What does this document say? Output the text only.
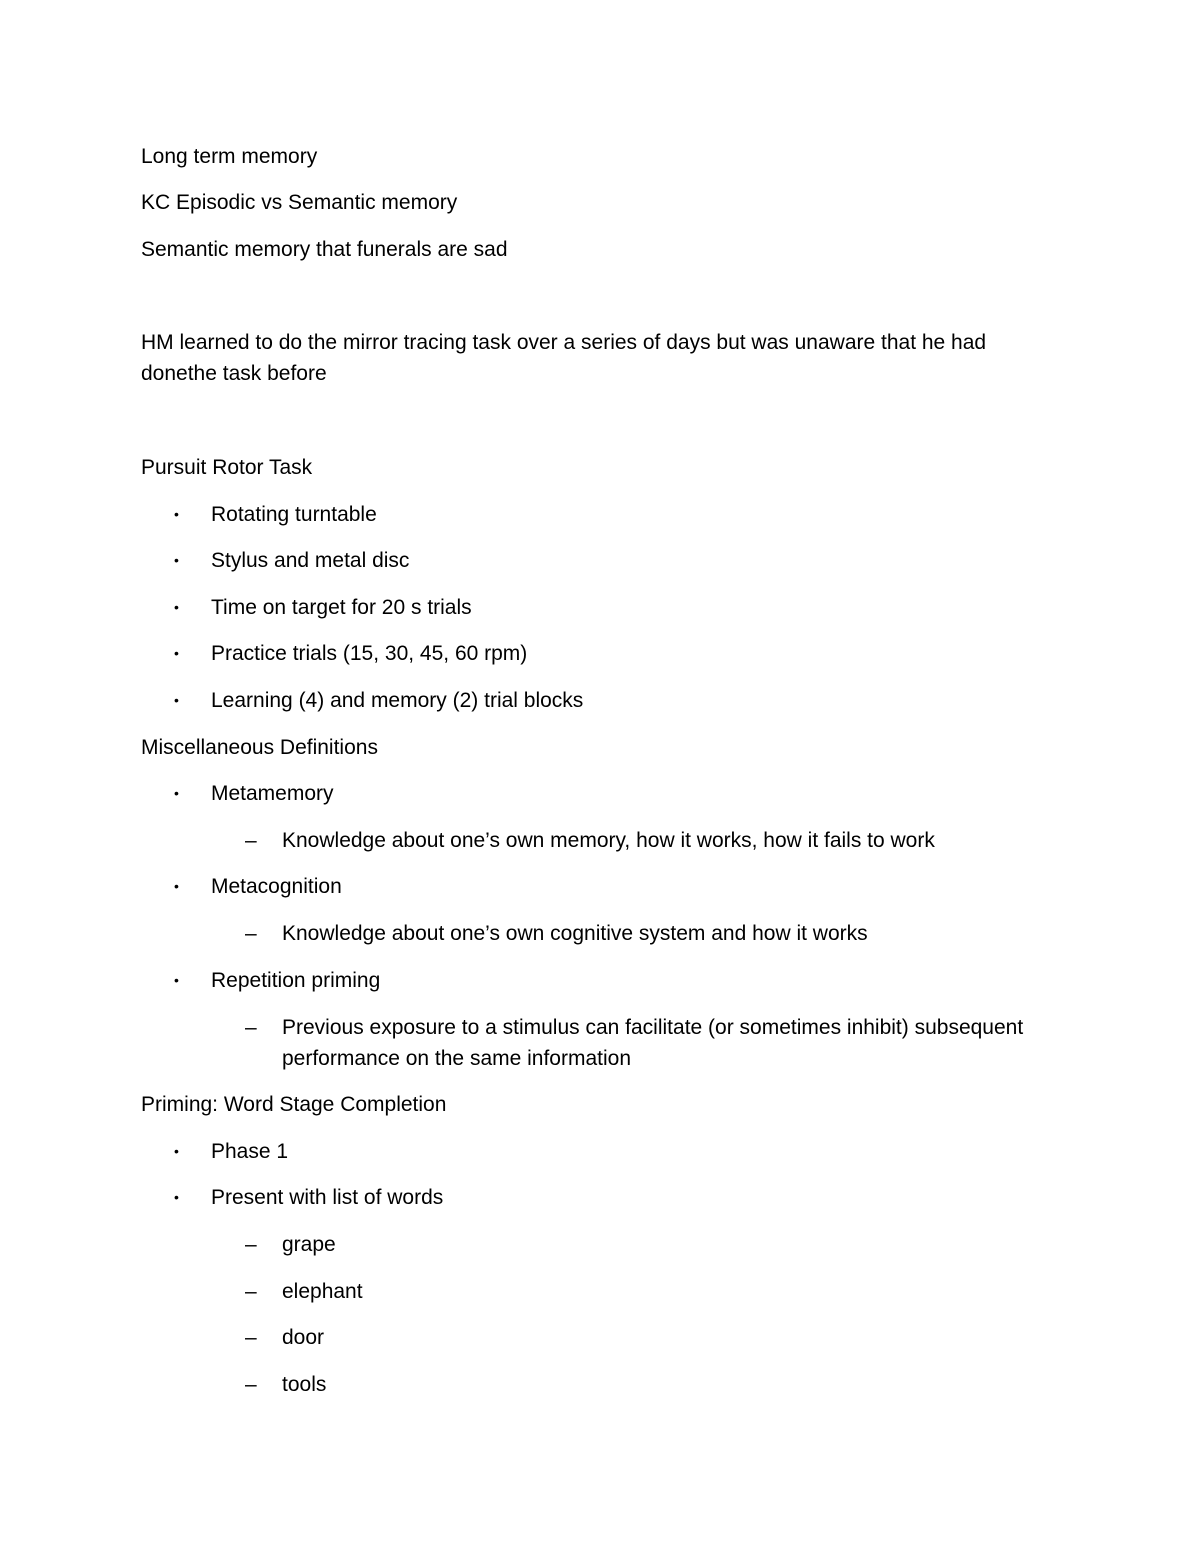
Long term memory
KC Episodic vs Semantic memory
Semantic memory that funerals are sad
HM learned to do the mirror tracing task over a series of days but was unaware that he had
donethe task before
Pursuit Rotor Task
• Rotating turntable
• Stylus and metal disc
• Time on target for 20 s trials
• Practice trials (15, 30, 45, 60 rpm)
• Learning (4) and memory (2) trial blocks
Miscellaneous Definitions
• Metamemory
– Knowledge about one’s own memory, how it works, how it fails to work
• Metacognition
– Knowledge about one’s own cognitive system and how it works
• Repetition priming
– Previous exposure to a stimulus can facilitate (or sometimes inhibit) subsequent
performance on the same information
Priming: Word Stage Completion
• Phase 1
• Present with list of words
– grape
– elephant
– door
– tools
